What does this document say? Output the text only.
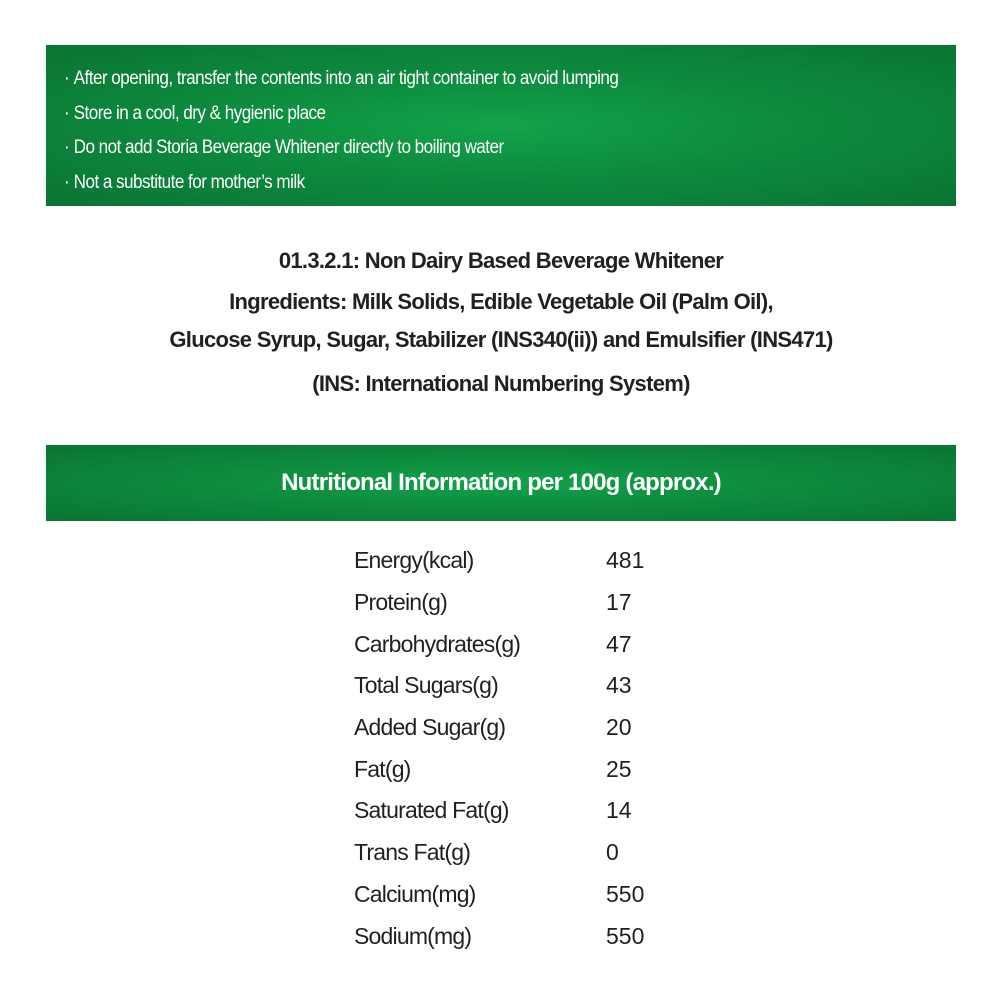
· After opening, transfer the contents into an air tight container to avoid lumping
· Store in a cool, dry & hygienic place
· Do not add Storia Beverage Whitener directly to boiling water
· Not a substitute for mother’s milk
01.3.2.1: Non Dairy Based Beverage Whitener
Ingredients: Milk Solids, Edible Vegetable Oil (Palm Oil),
Glucose Syrup, Sugar, Stabilizer (INS340(ii)) and Emulsifier (INS471)
(INS: International Numbering System)
Nutritional Information per 100g (approx.)
Energy(kcal)	481
Protein(g)	17
Carbohydrates(g)	47
Total Sugars(g)	43
Added Sugar(g)	20
Fat(g)	25
Saturated Fat(g)	14
Trans Fat(g)	0
Calcium(mg)	550
Sodium(mg)	550
